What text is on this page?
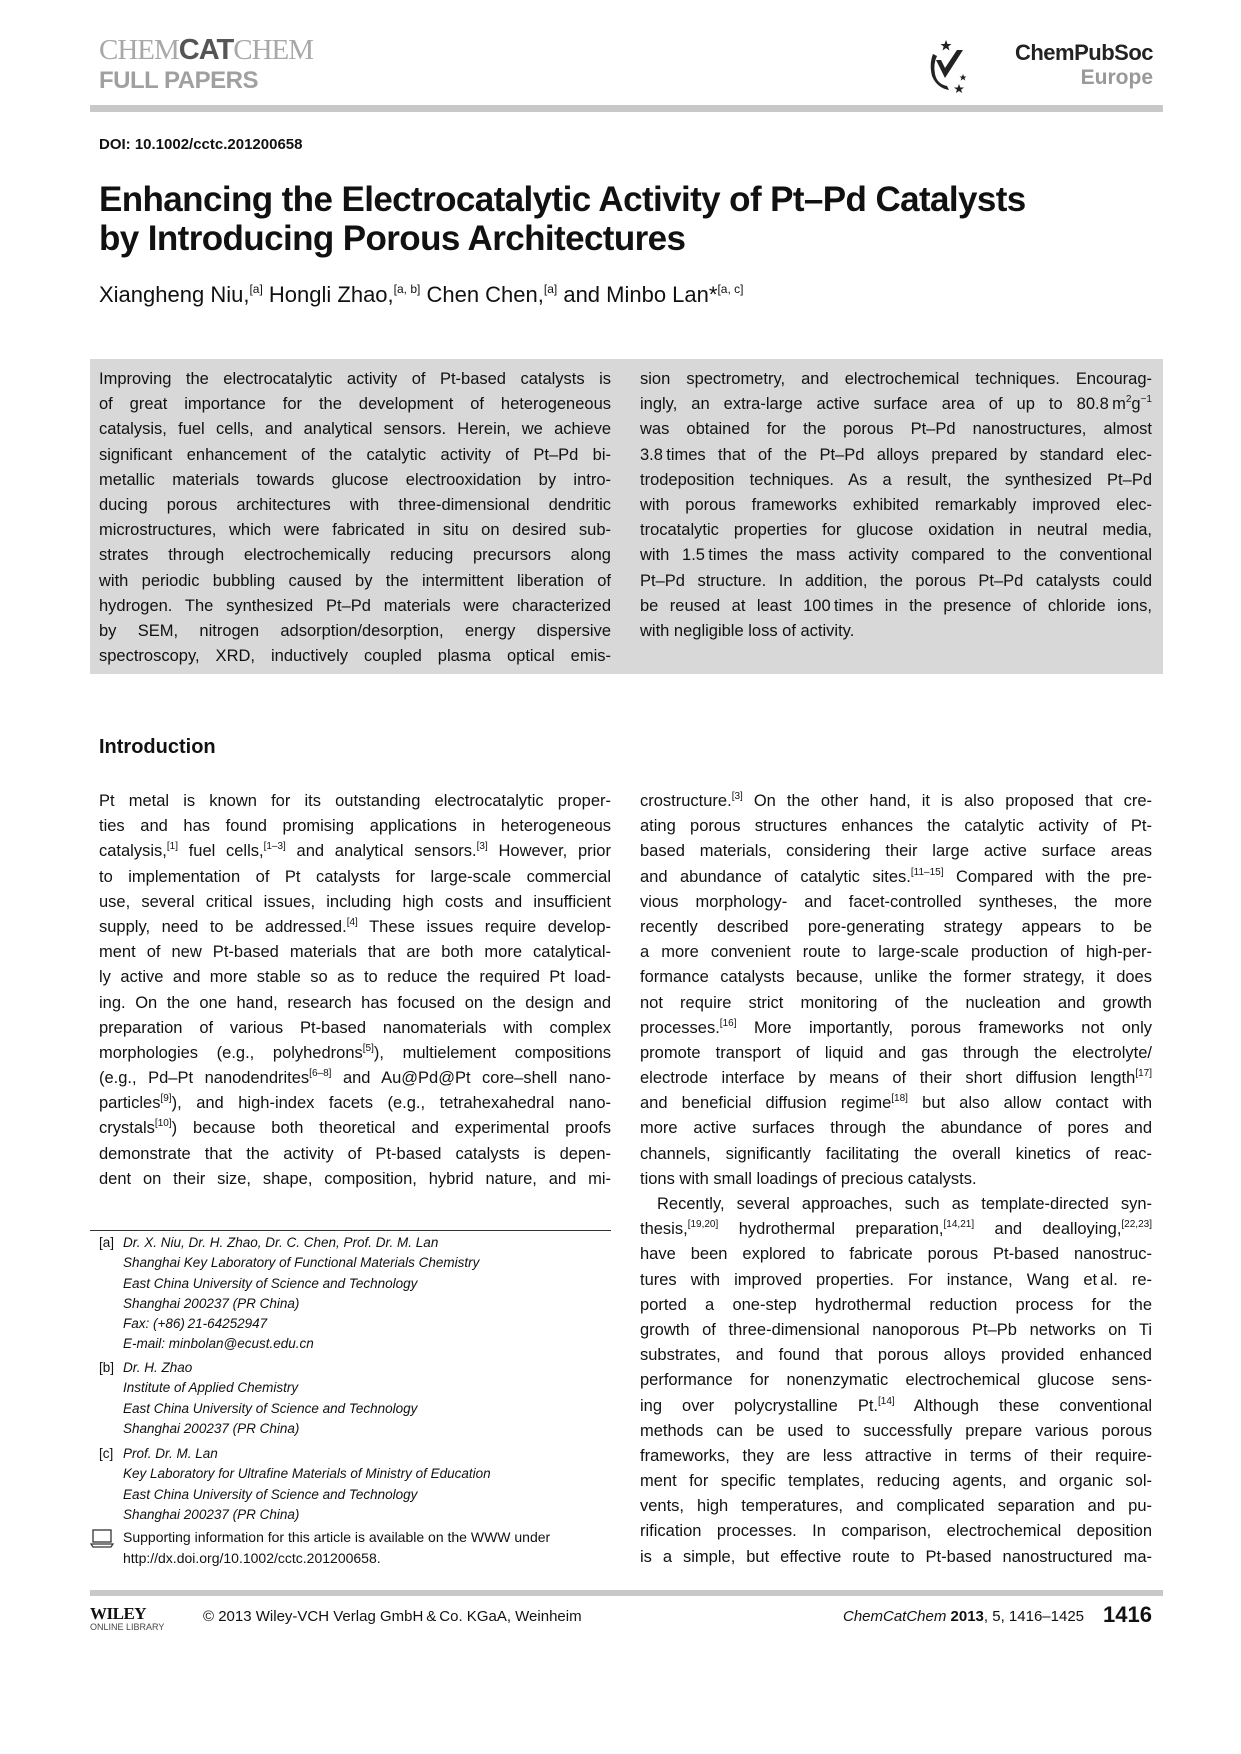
CHEMCATCHEM
FULL PAPERS
ChemPubSoc
Europe
DOI: 10.1002/cctc.201200658
Enhancing the Electrocatalytic Activity of Pt–Pd Catalysts
by Introducing Porous Architectures
Xiangheng Niu,[a] Hongli Zhao,[a, b] Chen Chen,[a] and Minbo Lan*[a, c]
Improving the electrocatalytic activity of Pt-based catalysts is
of great importance for the development of heterogeneous
catalysis, fuel cells, and analytical sensors. Herein, we achieve
significant enhancement of the catalytic activity of Pt–Pd bi-
metallic materials towards glucose electrooxidation by intro-
ducing porous architectures with three-dimensional dendritic
microstructures, which were fabricated in situ on desired sub-
strates through electrochemically reducing precursors along
with periodic bubbling caused by the intermittent liberation of
hydrogen. The synthesized Pt–Pd materials were characterized
by SEM, nitrogen adsorption/desorption, energy dispersive
spectroscopy, XRD, inductively coupled plasma optical emis-
sion spectrometry, and electrochemical techniques. Encourag-
ingly, an extra-large active surface area of up to 80.8 $m^2g^{-1}$
was obtained for the porous Pt–Pd nanostructures, almost
3.8 times that of the Pt–Pd alloys prepared by standard elec-
trodeposition techniques. As a result, the synthesized Pt–Pd
with porous frameworks exhibited remarkably improved elec-
trocatalytic properties for glucose oxidation in neutral media,
with 1.5 times the mass activity compared to the conventional
Pt–Pd structure. In addition, the porous Pt–Pd catalysts could
be reused at least 100 times in the presence of chloride ions,
with negligible loss of activity.
Introduction
Pt metal is known for its outstanding electrocatalytic proper-
ties and has found promising applications in heterogeneous
catalysis,[1] fuel cells,[1–3] and analytical sensors.[3] However, prior
to implementation of Pt catalysts for large-scale commercial
use, several critical issues, including high costs and insufficient
supply, need to be addressed.[4] These issues require develop-
ment of new Pt-based materials that are both more catalytical-
ly active and more stable so as to reduce the required Pt load-
ing. On the one hand, research has focused on the design and
preparation of various Pt-based nanomaterials with complex
morphologies (e.g., polyhedrons[5]), multielement compositions
(e.g., Pd–Pt nanodendrites[6–8] and Au@Pd@Pt core–shell nano-
particles[9]), and high-index facets (e.g., tetrahexahedral nano-
crystals[10]) because both theoretical and experimental proofs
demonstrate that the activity of Pt-based catalysts is depen-
dent on their size, shape, composition, hybrid nature, and mi-
crostructure.[3] On the other hand, it is also proposed that cre-
ating porous structures enhances the catalytic activity of Pt-
based materials, considering their large active surface areas
and abundance of catalytic sites.[11–15] Compared with the pre-
vious morphology- and facet-controlled syntheses, the more
recently described pore-generating strategy appears to be
a more convenient route to large-scale production of high-per-
formance catalysts because, unlike the former strategy, it does
not require strict monitoring of the nucleation and growth
processes.[16] More importantly, porous frameworks not only
promote transport of liquid and gas through the electrolyte/
electrode interface by means of their short diffusion length[17]
and beneficial diffusion regime[18] but also allow contact with
more active surfaces through the abundance of pores and
channels, significantly facilitating the overall kinetics of reac-
tions with small loadings of precious catalysts.
Recently, several approaches, such as template-directed syn-
thesis,[19,20] hydrothermal preparation,[14,21] and dealloying,[22,23]
have been explored to fabricate porous Pt-based nanostruc-
tures with improved properties. For instance, Wang et al. re-
ported a one-step hydrothermal reduction process for the
growth of three-dimensional nanoporous Pt–Pb networks on Ti
substrates, and found that porous alloys provided enhanced
performance for nonenzymatic electrochemical glucose sens-
ing over polycrystalline Pt.[14] Although these conventional
methods can be used to successfully prepare various porous
frameworks, they are less attractive in terms of their require-
ment for specific templates, reducing agents, and organic sol-
vents, high temperatures, and complicated separation and pu-
rification processes. In comparison, electrochemical deposition
is a simple, but effective route to Pt-based nanostructured ma-
[a] Dr. X. Niu, Dr. H. Zhao, Dr. C. Chen, Prof. Dr. M. Lan
Shanghai Key Laboratory of Functional Materials Chemistry
East China University of Science and Technology
Shanghai 200237 (PR China)
Fax: (+86) 21-64252947
E-mail: minbolan@ecust.edu.cn
[b] Dr. H. Zhao
Institute of Applied Chemistry
East China University of Science and Technology
Shanghai 200237 (PR China)
[c] Prof. Dr. M. Lan
Key Laboratory for Ultrafine Materials of Ministry of Education
East China University of Science and Technology
Shanghai 200237 (PR China)
Supporting information for this article is available on the WWW under
http://dx.doi.org/10.1002/cctc.201200658.
WILEY
ONLINE LIBRARY
© 2013 Wiley-VCH Verlag GmbH & Co. KGaA, Weinheim	ChemCatChem 2013, 5, 1416–1425 1416
